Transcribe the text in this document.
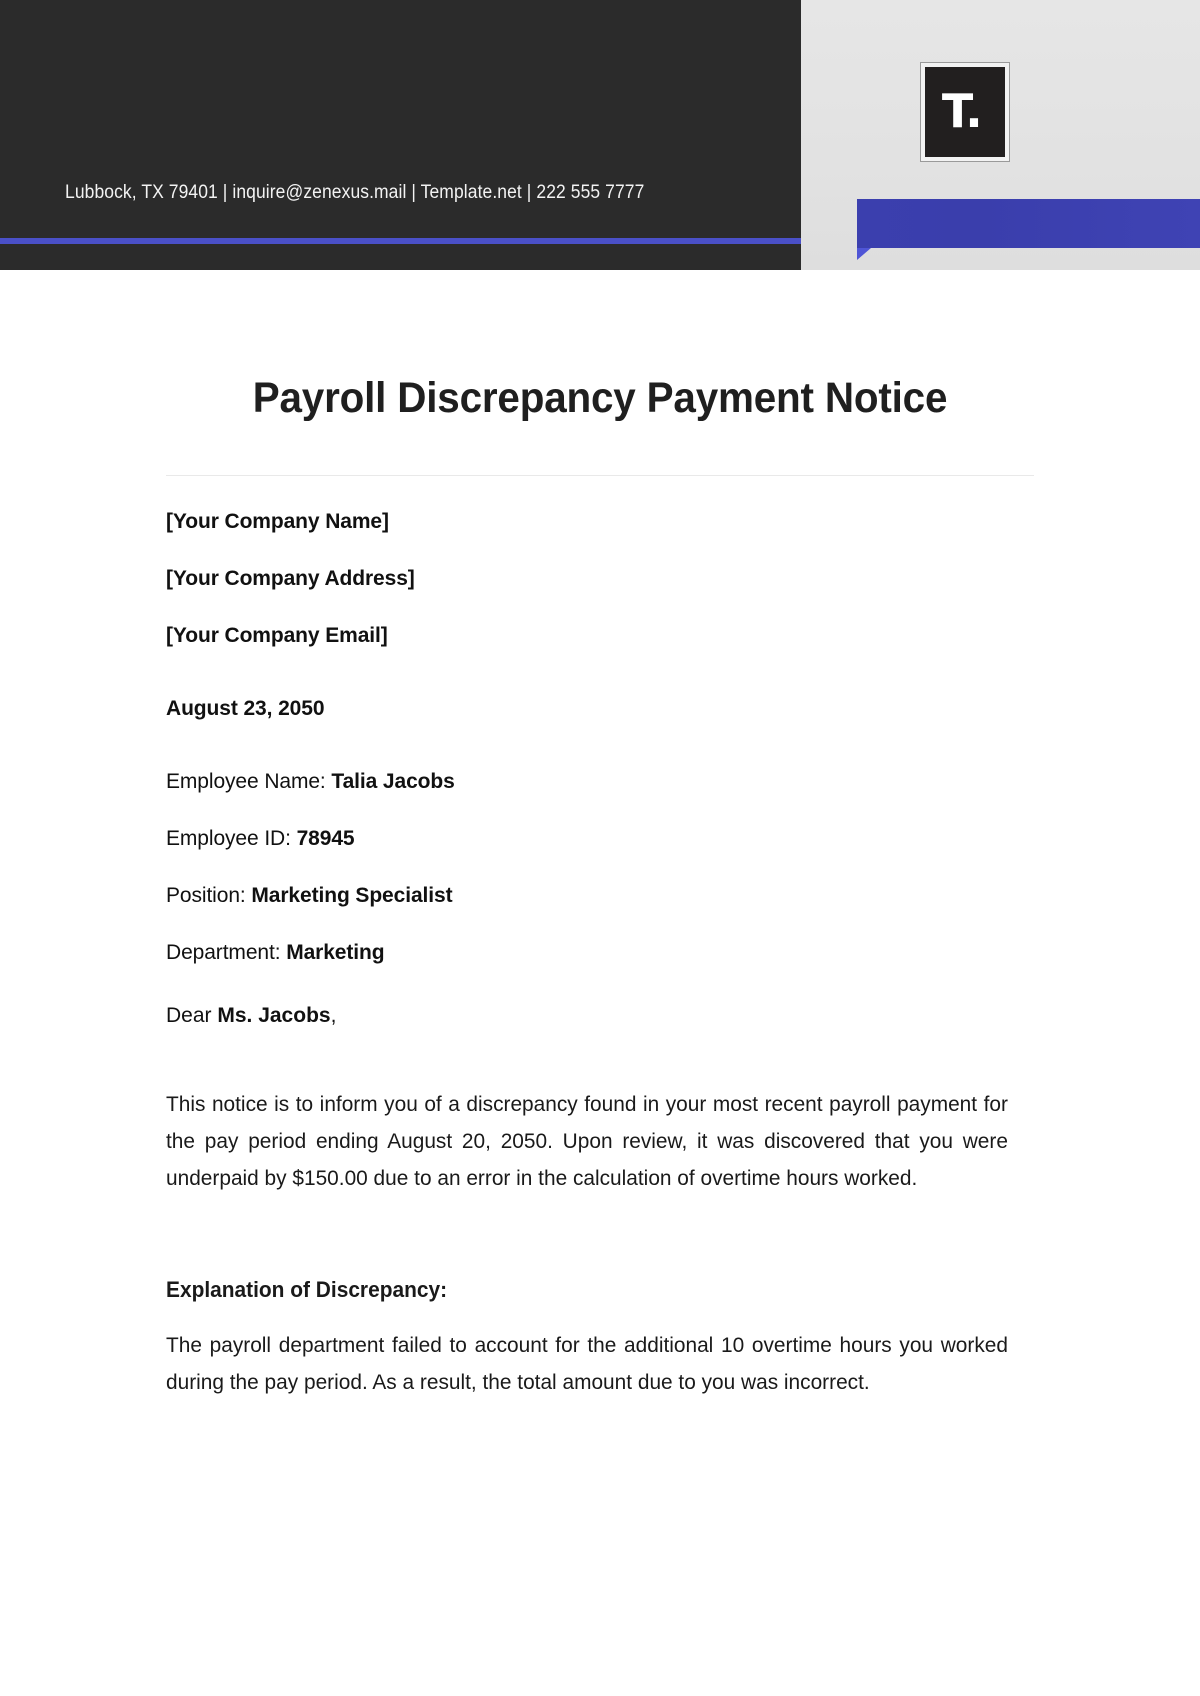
T.
Lubbock, TX 79401 | inquire@zenexus.mail | Template.net | 222 555 7777
Payroll Discrepancy Payment Notice

[Your Company Name]

[Your Company Address]

[Your Company Email]

August 23, 2050

Employee Name: Talia Jacobs

Employee ID: 78945

Position: Marketing Specialist

Department: Marketing

Dear Ms. Jacobs,

This notice is to inform you of a discrepancy found in your most recent payroll payment for the pay period ending August 20, 2050. Upon review, it was discovered that you were underpaid by $150.00 due to an error in the calculation of overtime hours worked.

Explanation of Discrepancy:

The payroll department failed to account for the additional 10 overtime hours you worked during the pay period. As a result, the total amount due to you was incorrect.
